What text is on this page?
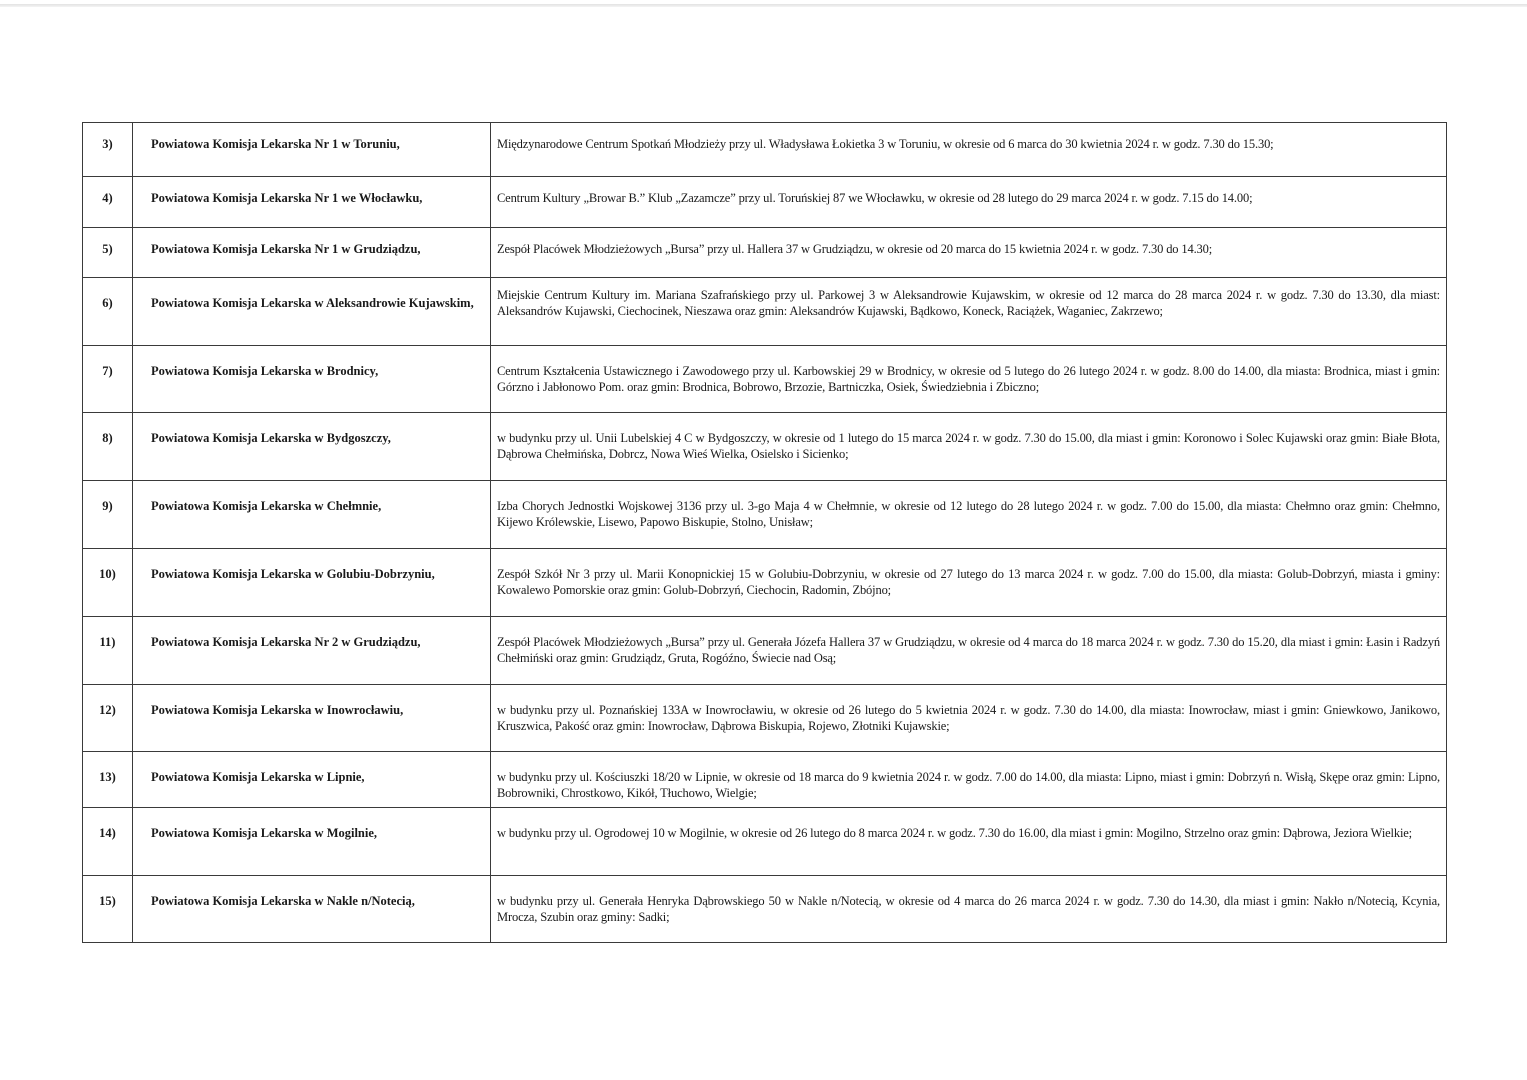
3)	Powiatowa Komisja Lekarska Nr 1 w Toruniu,	Międzynarodowe Centrum Spotkań Młodzieży przy ul. Władysława Łokietka 3 w Toruniu, w okresie od 6 marca do 30 kwietnia 2024 r. w godz. 7.30 do 15.30;
4)	Powiatowa Komisja Lekarska Nr 1 we Włocławku,	Centrum Kultury „Browar B.” Klub „Zazamcze” przy ul. Toruńskiej 87 we Włocławku, w okresie od 28 lutego do 29 marca 2024 r. w godz. 7.15 do 14.00;
5)	Powiatowa Komisja Lekarska Nr 1 w Grudziądzu,	Zespół Placówek Młodzieżowych „Bursa” przy ul. Hallera 37 w Grudziądzu, w okresie od 20 marca do 15 kwietnia 2024 r. w godz. 7.30 do 14.30;
6)	Powiatowa Komisja Lekarska w Aleksandrowie Kujawskim,	Miejskie Centrum Kultury im. Mariana Szafrańskiego przy ul. Parkowej 3 w Aleksandrowie Kujawskim, w okresie od 12 marca do 28 marca 2024 r. w godz. 7.30 do 13.30, dla miast: Aleksandrów Kujawski, Ciechocinek, Nieszawa oraz gmin: Aleksandrów Kujawski, Bądkowo, Koneck, Raciążek, Waganiec, Zakrzewo;
7)	Powiatowa Komisja Lekarska w Brodnicy,	Centrum Kształcenia Ustawicznego i Zawodowego przy ul. Karbowskiej 29 w Brodnicy, w okresie od 5 lutego do 26 lutego 2024 r. w godz. 8.00 do 14.00, dla miasta: Brodnica, miast i gmin: Górzno i Jabłonowo Pom. oraz gmin: Brodnica, Bobrowo, Brzozie, Bartniczka, Osiek, Świedziebnia i Zbiczno;
8)	Powiatowa Komisja Lekarska w Bydgoszczy,	w budynku przy ul. Unii Lubelskiej 4 C w Bydgoszczy, w okresie od 1 lutego do 15 marca 2024 r. w godz. 7.30 do 15.00, dla miast i gmin: Koronowo i Solec Kujawski oraz gmin: Białe Błota, Dąbrowa Chełmińska, Dobrcz, Nowa Wieś Wielka, Osielsko i Sicienko;
9)	Powiatowa Komisja Lekarska w Chełmnie,	Izba Chorych Jednostki Wojskowej 3136 przy ul. 3-go Maja 4 w Chełmnie, w okresie od 12 lutego do 28 lutego 2024 r. w godz. 7.00 do 15.00, dla miasta: Chełmno oraz gmin: Chełmno, Kijewo Królewskie, Lisewo, Papowo Biskupie, Stolno, Unisław;
10)	Powiatowa Komisja Lekarska w Golubiu-Dobrzyniu,	Zespół Szkół Nr 3 przy ul. Marii Konopnickiej 15 w Golubiu-Dobrzyniu, w okresie od 27 lutego do 13 marca 2024 r. w godz. 7.00 do 15.00, dla miasta: Golub-Dobrzyń, miasta i gminy: Kowalewo Pomorskie oraz gmin: Golub-Dobrzyń, Ciechocin, Radomin, Zbójno;
11)	Powiatowa Komisja Lekarska Nr 2 w Grudziądzu,	Zespół Placówek Młodzieżowych „Bursa” przy ul. Generała Józefa Hallera 37 w Grudziądzu, w okresie od 4 marca do 18 marca 2024 r. w godz. 7.30 do 15.20, dla miast i gmin: Łasin i Radzyń Chełmiński oraz gmin: Grudziądz, Gruta, Rogóźno, Świecie nad Osą;
12)	Powiatowa Komisja Lekarska w Inowrocławiu,	w budynku przy ul. Poznańskiej 133A w Inowrocławiu, w okresie od 26 lutego do 5 kwietnia 2024 r. w godz. 7.30 do 14.00, dla miasta: Inowrocław, miast i gmin: Gniewkowo, Janikowo, Kruszwica, Pakość oraz gmin: Inowrocław, Dąbrowa Biskupia, Rojewo, Złotniki Kujawskie;
13)	Powiatowa Komisja Lekarska w Lipnie,	w budynku przy ul. Kościuszki 18/20 w Lipnie, w okresie od 18 marca do 9 kwietnia 2024 r. w godz. 7.00 do 14.00, dla miasta: Lipno, miast i gmin: Dobrzyń n. Wisłą, Skępe oraz gmin: Lipno, Bobrowniki, Chrostkowo, Kikół, Tłuchowo, Wielgie;
14)	Powiatowa Komisja Lekarska w Mogilnie,	w budynku przy ul. Ogrodowej 10 w Mogilnie, w okresie od 26 lutego do 8 marca 2024 r. w godz. 7.30 do 16.00, dla miast i gmin: Mogilno, Strzelno oraz gmin: Dąbrowa, Jeziora Wielkie;
15)	Powiatowa Komisja Lekarska w Nakle n/Notecią,	w budynku przy ul. Generała Henryka Dąbrowskiego 50 w Nakle n/Notecią, w okresie od 4 marca do 26 marca 2024 r. w godz. 7.30 do 14.30, dla miast i gmin: Nakło n/Notecią, Kcynia, Mrocza, Szubin oraz gminy: Sadki;
